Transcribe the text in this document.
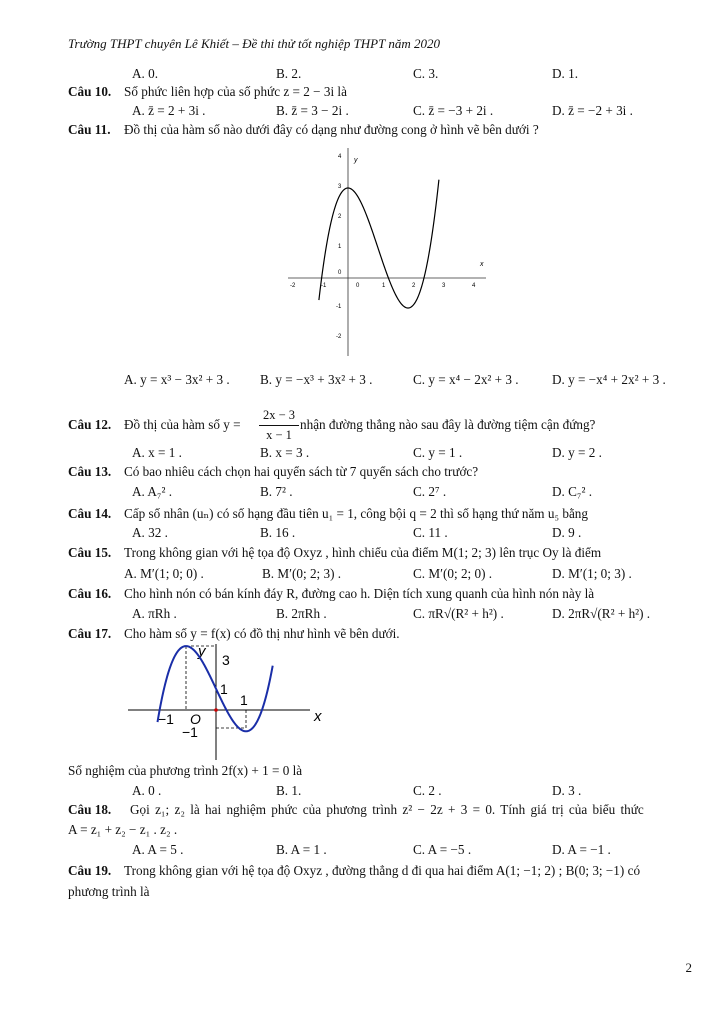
Trường THPT chuyên Lê Khiết – Đề thi thử tốt nghiệp THPT năm 2020
A. 0.	B. 2.	C. 3.	D. 1.
Câu 10. Số phức liên hợp của số phức z = 2 − 3i là
A. z̄ = 2 + 3i .	B. z̄ = 3 − 2i .	C. z̄ = −3 + 2i .	D. z̄ = −2 + 3i .
Câu 11. Đồ thị của hàm số nào dưới đây có dạng như đường cong ở hình vẽ bên dưới ?
x
y
-2	-1	0	1	2	3	4
4
3
2
1
0
-1
-2
A. y = x³ − 3x² + 3 . B. y = −x³ + 3x² + 3 .	C. y = x⁴ − 2x² + 3 .	D. y = −x⁴ + 2x² + 3 .
Câu 12. Đồ thị của hàm số y =
2x − 3
x − 1
nhận đường thẳng nào sau đây là đường tiệm cận đứng?
A. x = 1 .	B. x = 3 .	C. y = 1 .	D. y = 2 .
Câu 13. Có bao nhiêu cách chọn hai quyển sách từ 7 quyển sách cho trước?
A. A₇² .	B. 7² .	C. 2⁷ .	D. C₇² .
Câu 14. Cấp số nhân (uₙ) có số hạng đầu tiên u₁ = 1, công bội q = 2 thì số hạng thứ năm u₅ bằng
A. 32 .	B. 16 .	C. 11 .	D. 9 .
Câu 15. Trong không gian với hệ tọa độ Oxyz , hình chiếu của điểm M(1; 2; 3) lên trục Oy là điểm
A. M′(1; 0; 0) .	B. M′(0; 2; 3) .	C. M′(0; 2; 0) .	D. M′(1; 0; 3) .
Câu 16. Cho hình nón có bán kính đáy R, đường cao h. Diện tích xung quanh của hình nón này là
A. πRh .	B. 2πRh .	C. πR√(R² + h²) .	D. 2πR√(R² + h²) .
Câu 17. Cho hàm số y = f(x) có đồ thị như hình vẽ bên dưới.
x
y 3
1
1
−1 O
−1
Số nghiệm của phương trình 2f(x) + 1 = 0 là
A. 0 .	B. 1.	C. 2 .	D. 3 .
Câu 18. Gọi z₁; z₂ là hai nghiệm phức của phương trình z² − 2z + 3 = 0. Tính giá trị của biểu thức
A = z₁ + z₂ − z₁ . z₂ .
A. A = 5 .	B. A = 1 .	C. A = −5 .	D. A = −1 .
Câu 19. Trong không gian với hệ tọa độ Oxyz , đường thẳng d đi qua hai điểm A(1; −1; 2) ; B(0; 3; −1) có
phương trình là
2
